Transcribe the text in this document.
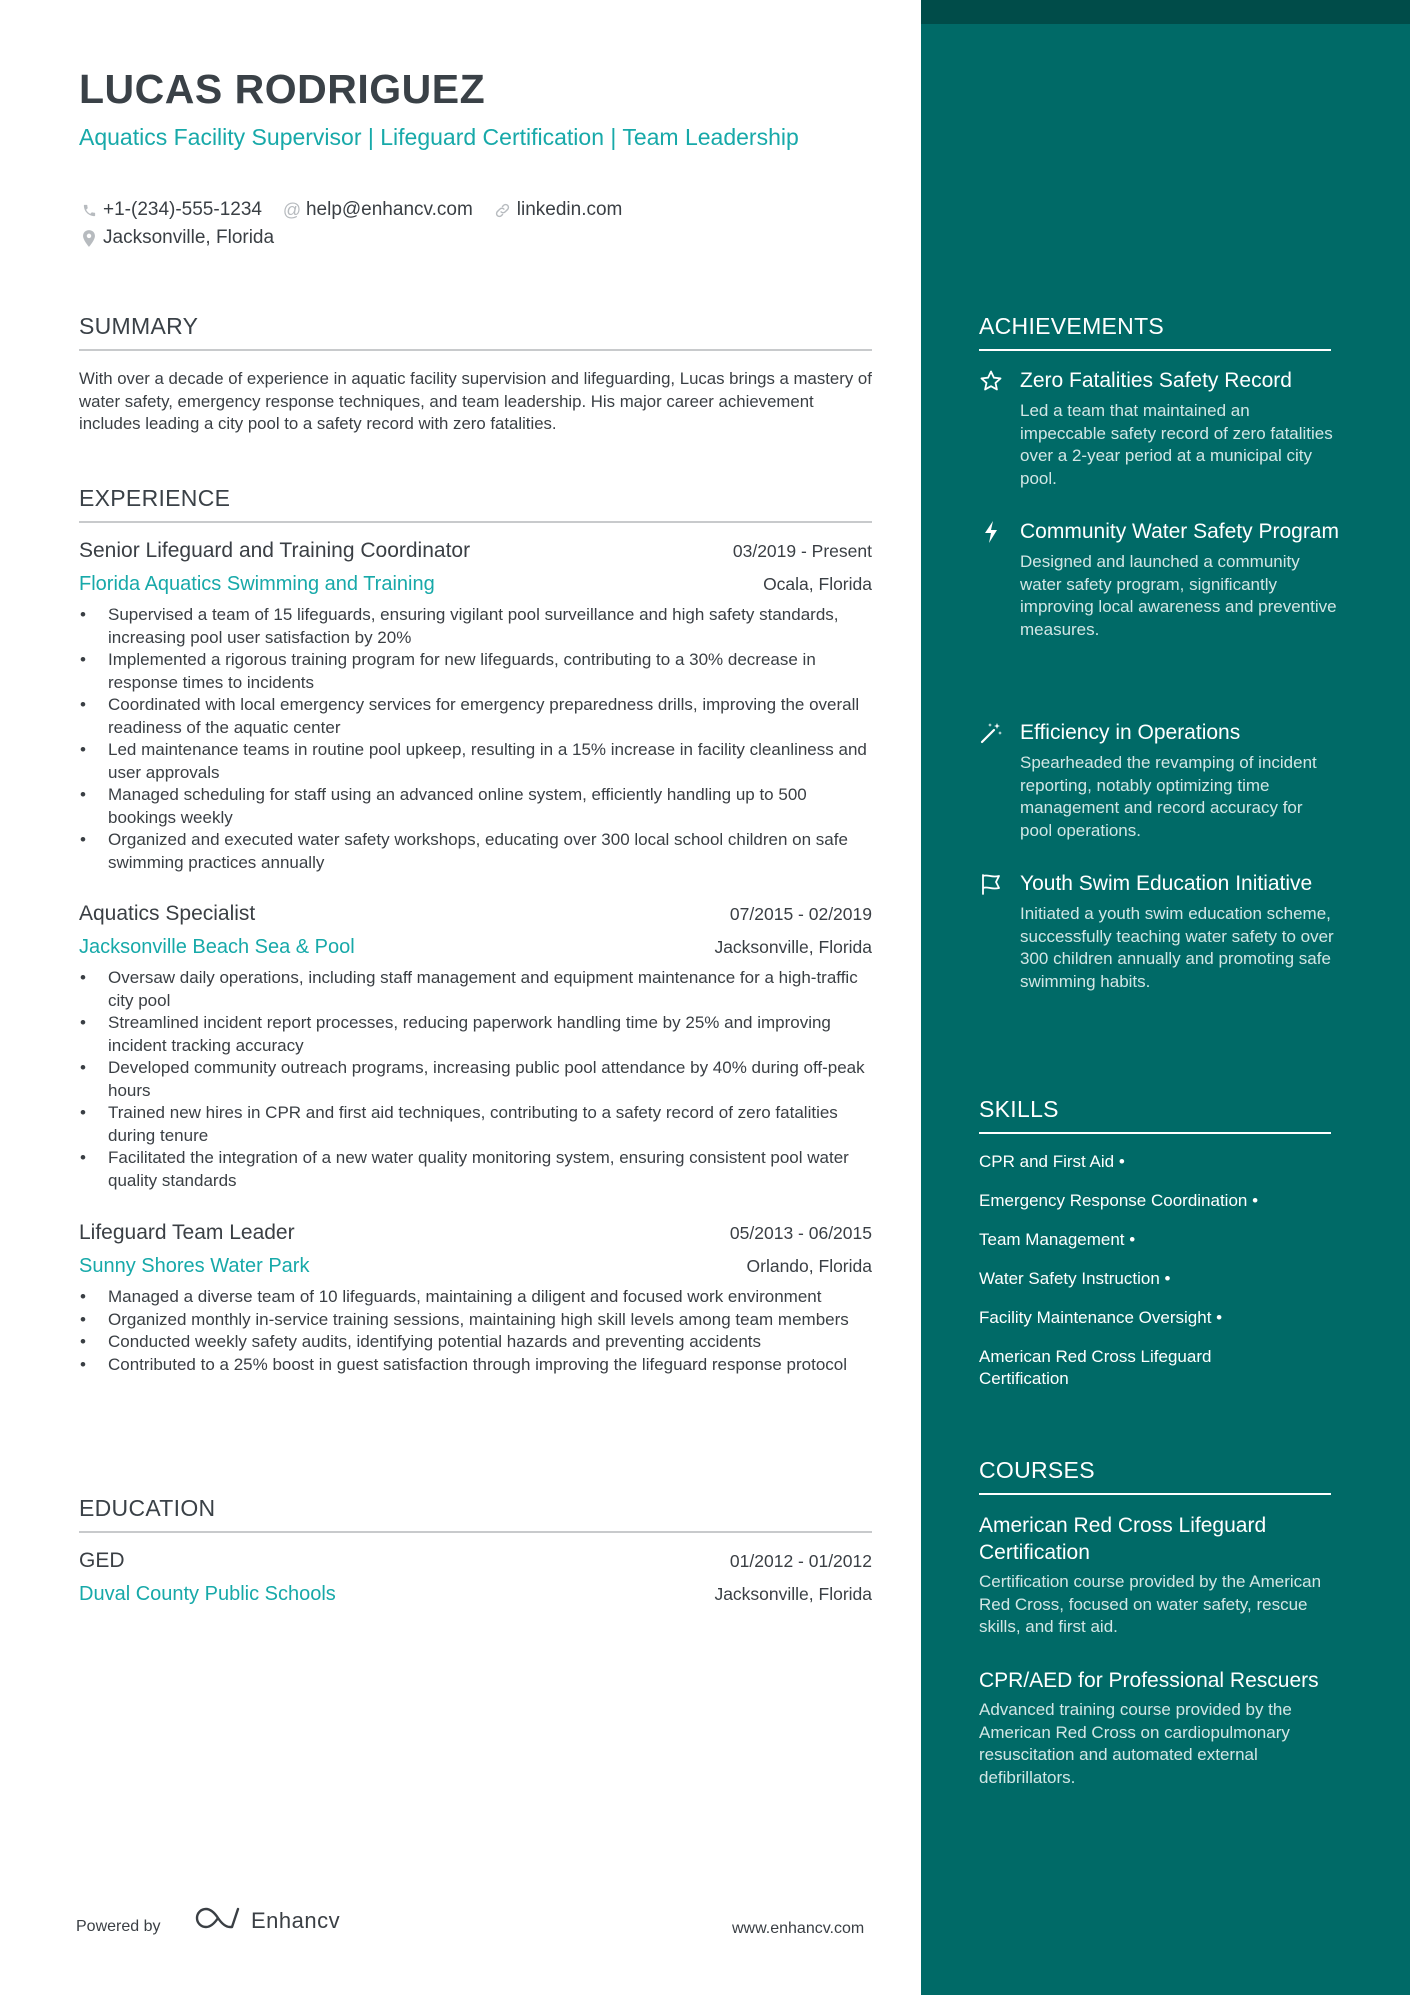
LUCAS RODRIGUEZ
Aquatics Facility Supervisor | Lifeguard Certification | Team Leadership
+1-(234)-555-1234 @ help@enhancv.com linkedin.com
Jacksonville, Florida
SUMMARY
With over a decade of experience in aquatic facility supervision and lifeguarding, Lucas brings a mastery of water safety, emergency response techniques, and team leadership. His major career achievement includes leading a city pool to a safety record with zero fatalities.
EXPERIENCE
Senior Lifeguard and Training Coordinator	03/2019 - Present
Florida Aquatics Swimming and Training	Ocala, Florida
• Supervised a team of 15 lifeguards, ensuring vigilant pool surveillance and high safety standards, increasing pool user satisfaction by 20%
• Implemented a rigorous training program for new lifeguards, contributing to a 30% decrease in response times to incidents
• Coordinated with local emergency services for emergency preparedness drills, improving the overall readiness of the aquatic center
• Led maintenance teams in routine pool upkeep, resulting in a 15% increase in facility cleanliness and user approvals
• Managed scheduling for staff using an advanced online system, efficiently handling up to 500 bookings weekly
• Organized and executed water safety workshops, educating over 300 local school children on safe swimming practices annually
Aquatics Specialist	07/2015 - 02/2019
Jacksonville Beach Sea & Pool	Jacksonville, Florida
• Oversaw daily operations, including staff management and equipment maintenance for a high-traffic city pool
• Streamlined incident report processes, reducing paperwork handling time by 25% and improving incident tracking accuracy
• Developed community outreach programs, increasing public pool attendance by 40% during off-peak hours
• Trained new hires in CPR and first aid techniques, contributing to a safety record of zero fatalities during tenure
• Facilitated the integration of a new water quality monitoring system, ensuring consistent pool water quality standards
Lifeguard Team Leader	05/2013 - 06/2015
Sunny Shores Water Park	Orlando, Florida
• Managed a diverse team of 10 lifeguards, maintaining a diligent and focused work environment
• Organized monthly in-service training sessions, maintaining high skill levels among team members
• Conducted weekly safety audits, identifying potential hazards and preventing accidents
• Contributed to a 25% boost in guest satisfaction through improving the lifeguard response protocol
EDUCATION
GED	01/2012 - 01/2012
Duval County Public Schools	Jacksonville, Florida
Powered by	Enhancv	www.enhancv.com
ACHIEVEMENTS
Zero Fatalities Safety Record
Led a team that maintained an impeccable safety record of zero fatalities over a 2-year period at a municipal city pool.
Community Water Safety Program
Designed and launched a community water safety program, significantly improving local awareness and preventive measures.
Efficiency in Operations
Spearheaded the revamping of incident reporting, notably optimizing time management and record accuracy for pool operations.
Youth Swim Education Initiative
Initiated a youth swim education scheme, successfully teaching water safety to over 300 children annually and promoting safe swimming habits.
SKILLS
CPR and First Aid •
Emergency Response Coordination •
Team Management •
Water Safety Instruction •
Facility Maintenance Oversight •
American Red Cross Lifeguard Certification
COURSES
American Red Cross Lifeguard Certification
Certification course provided by the American Red Cross, focused on water safety, rescue skills, and first aid.
CPR/AED for Professional Rescuers
Advanced training course provided by the American Red Cross on cardiopulmonary resuscitation and automated external defibrillators.
